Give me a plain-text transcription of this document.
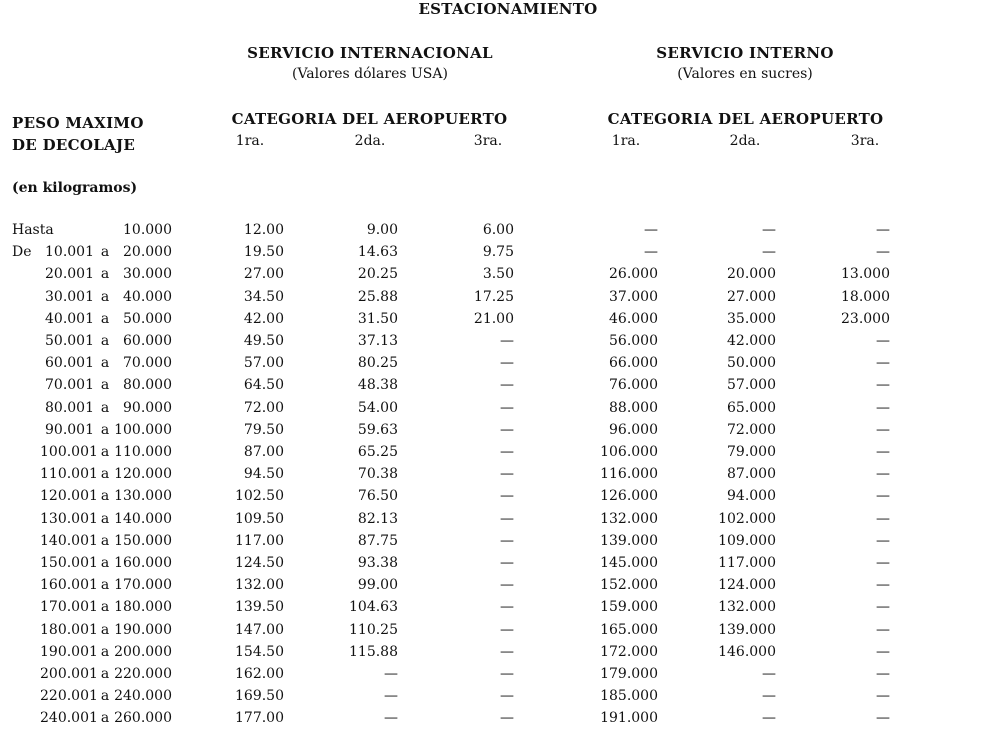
ESTACIONAMIENTO
SERVICIO INTERNACIONAL
(Valores dólares USA)
SERVICIO INTERNO
(Valores en sucres)
PESO MAXIMO
DE DECOLAJE
CATEGORIA DEL AEROPUERTO	CATEGORIA DEL AEROPUERTO
1ra.	2da.	3ra.	1ra.	2da.	3ra.
(en kilogramos)
Hasta	10.000	12.00	9.00	6.00	—	—	—
De 10.001 a 20.000	19.50	14.63	9.75	—	—	—
20.001 a 30.000	27.00	20.25	3.50	26.000	20.000	13.000
30.001 a 40.000	34.50	25.88	17.25	37.000	27.000	18.000
40.001 a 50.000	42.00	31.50	21.00	46.000	35.000	23.000
50.001 a 60.000	49.50	37.13	—	56.000	42.000	—
60.001 a 70.000	57.00	80.25	—	66.000	50.000	—
70.001 a 80.000	64.50	48.38	—	76.000	57.000	—
80.001 a 90.000	72.00	54.00	—	88.000	65.000	—
90.001 a 100.000	79.50	59.63	—	96.000	72.000	—
100.001 a 110.000	87.00	65.25	—	106.000	79.000	—
110.001 a 120.000	94.50	70.38	—	116.000	87.000	—
120.001 a 130.000	102.50	76.50	—	126.000	94.000	—
130.001 a 140.000	109.50	82.13	—	132.000	102.000	—
140.001 a 150.000	117.00	87.75	—	139.000	109.000	—
150.001 a 160.000	124.50	93.38	—	145.000	117.000	—
160.001 a 170.000	132.00	99.00	—	152.000	124.000	—
170.001 a 180.000	139.50	104.63	—	159.000	132.000	—
180.001 a 190.000	147.00	110.25	—	165.000	139.000	—
190.001 a 200.000	154.50	115.88	—	172.000	146.000	—
200.001 a 220.000	162.00	—	—	179.000	—	—
220.001 a 240.000	169.50	—	—	185.000	—	—
240.001 a 260.000	177.00	—	—	191.000	—	—
